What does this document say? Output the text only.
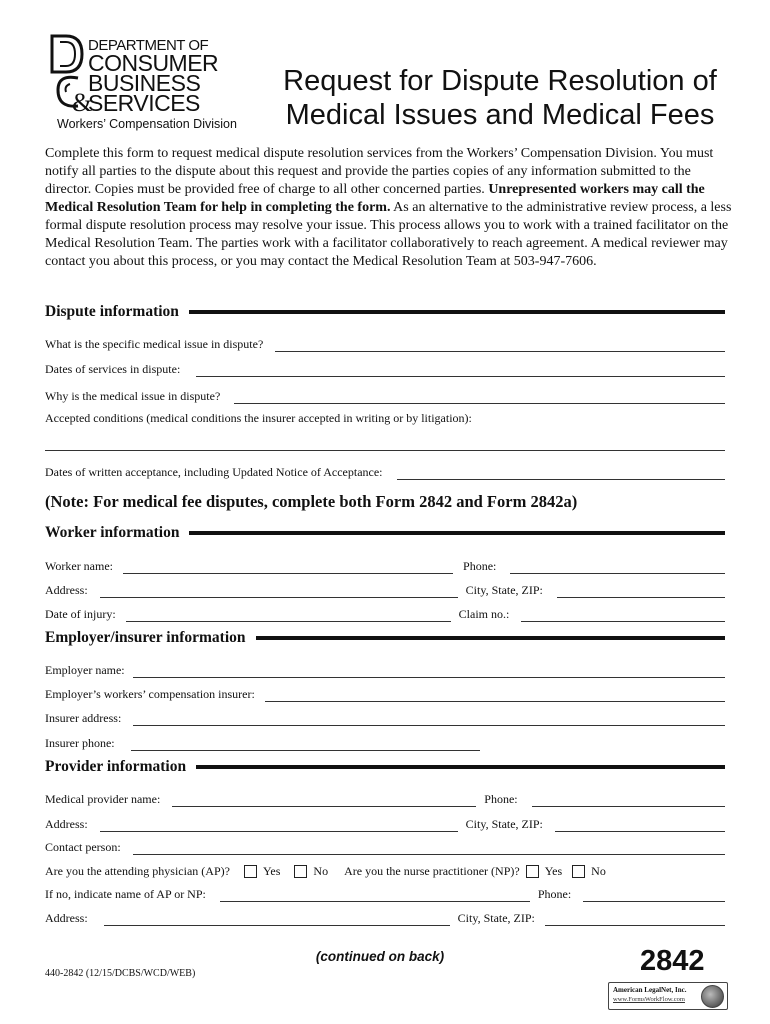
DEPARTMENT OF
CONSUMER
BUSINESS
&
SERVICES
Workers’ Compensation Division
Request for Dispute Resolution of
Medical Issues and Medical Fees
Complete this form to request medical dispute resolution services from the Workers’ Compensation Division. You must notify all parties to the dispute about this request and provide the parties copies of any information submitted to the director. Copies must be provided free of charge to all other concerned parties. Unrepresented workers may call the Medical Resolution Team for help in completing the form. As an alternative to the administrative review process, a less formal dispute resolution process may resolve your issue. This process allows you to work with a trained facilitator on the Medical Resolution Team. The parties work with a facilitator collaboratively to reach agreement. A medical reviewer may contact you about this process, or you may contact the Medical Resolution Team at 503-947-7606.
Dispute information
What is the specific medical issue in dispute?
Dates of services in dispute:
Why is the medical issue in dispute?
Accepted conditions (medical conditions the insurer accepted in writing or by litigation):
Dates of written acceptance, including Updated Notice of Acceptance:
(Note: For medical fee disputes, complete both Form 2842 and Form 2842a)
Worker information
Worker name:	Phone:
Address:	City, State, ZIP:
Date of injury:	Claim no.:
Employer/insurer information
Employer name:
Employer’s workers’ compensation insurer:
Insurer address:
Insurer phone:
Provider information
Medical provider name:	Phone:
Address:	City, State, ZIP:
Contact person:
Are you the attending physician (AP)?	Yes	No Are you the nurse practitioner (NP)? Yes No
If no, indicate name of AP or NP:	Phone:
Address:	City, State, ZIP:
(continued on back)
440-2842 (12/15/DCBS/WCD/WEB)	2842
American LegalNet, Inc.
www.FormsWorkFlow.com
